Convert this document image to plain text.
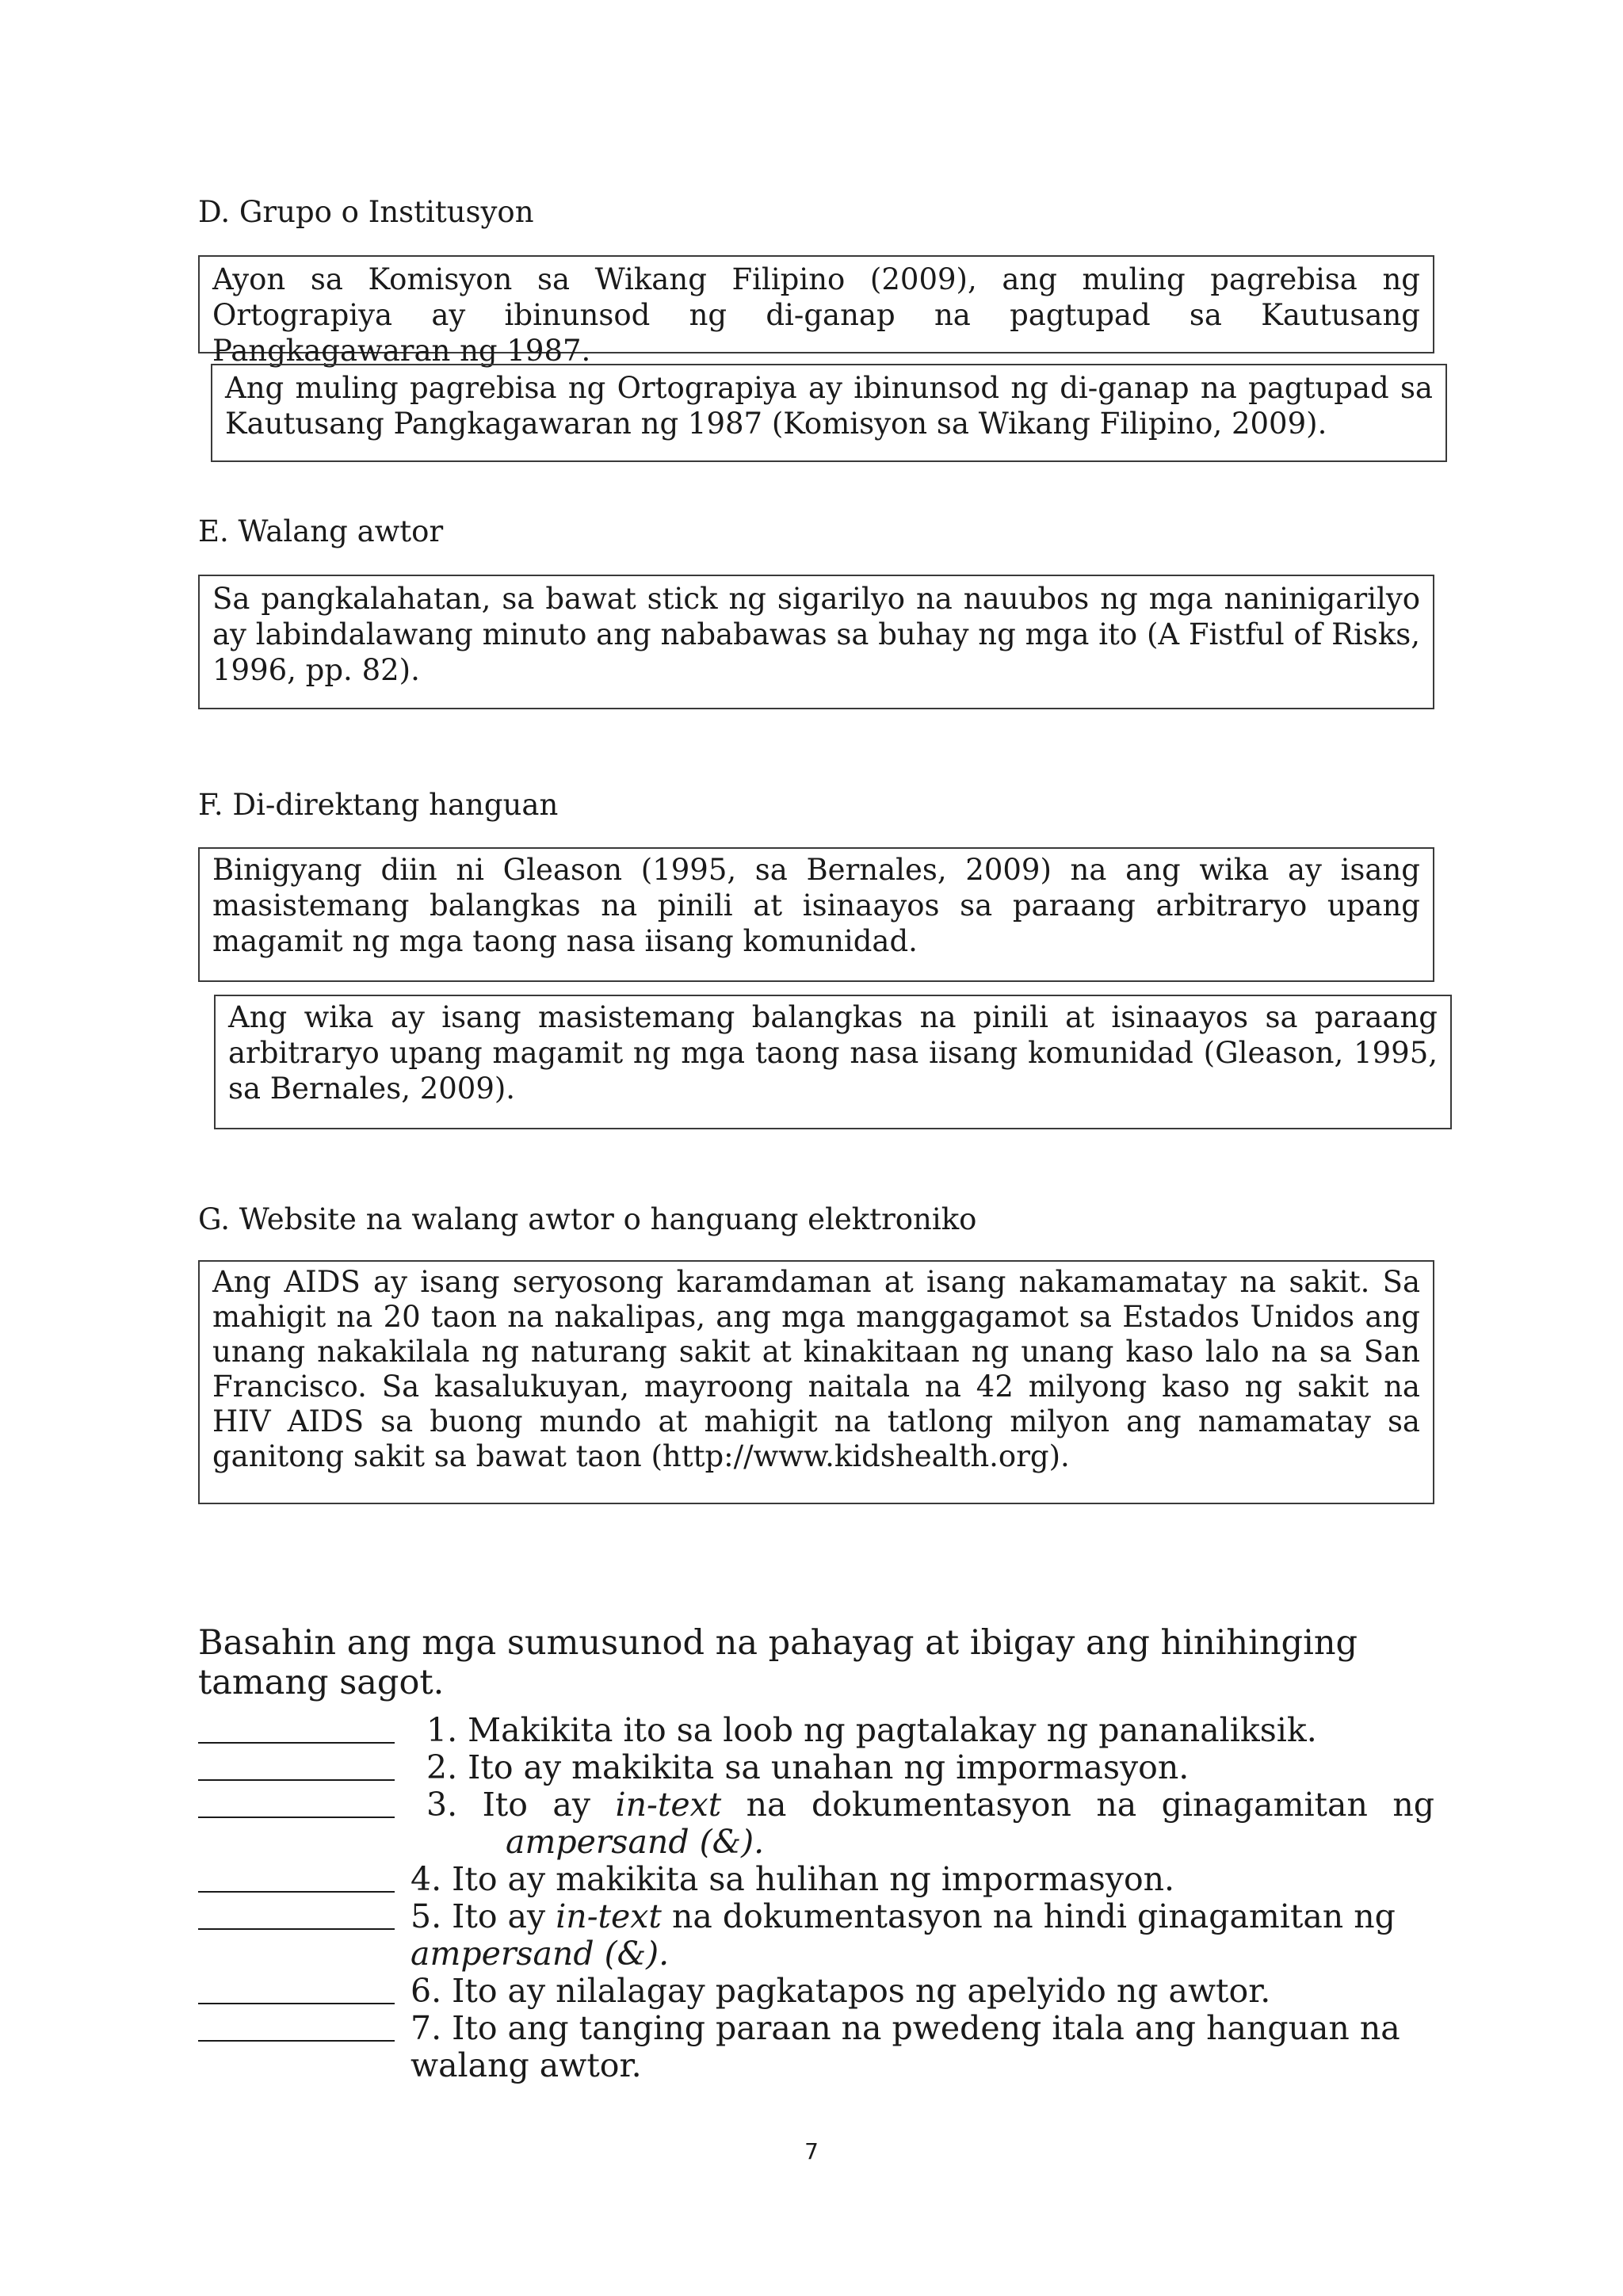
D. Grupo o Institusyon

Ayon sa Komisyon sa Wikang Filipino (2009), ang muling pagrebisa ng Ortograpiya ay ibinunsod ng di-ganap na pagtupad sa Kautusang Pangkagawaran ng 1987.

Ang muling pagrebisa ng Ortograpiya ay ibinunsod ng di-ganap na pagtupad sa Kautusang Pangkagawaran ng 1987 (Komisyon sa Wikang Filipino, 2009).

E. Walang awtor

Sa pangkalahatan, sa bawat stick ng sigarilyo na nauubos ng mga naninigarilyo ay labindalawang minuto ang nababawas sa buhay ng mga ito (A Fistful of Risks, 1996, pp. 82).

F. Di-direktang hanguan

Binigyang diin ni Gleason (1995, sa Bernales, 2009) na ang wika ay isang masistemang balangkas na pinili at isinaayos sa paraang arbitraryo upang magamit ng mga taong nasa iisang komunidad.

Ang wika ay isang masistemang balangkas na pinili at isinaayos sa paraang arbitraryo upang magamit ng mga taong nasa iisang komunidad (Gleason, 1995, sa Bernales, 2009).

G. Website na walang awtor o hanguang elektroniko

Ang AIDS ay isang seryosong karamdaman at isang nakamamatay na sakit. Sa mahigit na 20 taon na nakalipas, ang mga manggagamot sa Estados Unidos ang unang nakakilala ng naturang sakit at kinakitaan ng unang kaso lalo na sa San Francisco. Sa kasalukuyan, mayroong naitala na 42 milyong kaso ng sakit na HIV AIDS sa buong mundo at mahigit na tatlong milyon ang namamatay sa ganitong sakit sa bawat taon (http://www.kidshealth.org).

Basahin ang mga sumusunod na pahayag at ibigay ang hinihinging tamang sagot.

1. Makikita ito sa loob ng pagtalakay ng pananaliksik.
2. Ito ay makikita sa unahan ng impormasyon.
3. Ito ay in-text na dokumentasyon na ginagamitan ng
ampersand (&).
4. Ito ay makikita sa hulihan ng impormasyon.
5. Ito ay in-text na dokumentasyon na hindi ginagamitan ng
ampersand (&).
6. Ito ay nilalagay pagkatapos ng apelyido ng awtor.
7. Ito ang tanging paraan na pwedeng itala ang hanguan na
walang awtor.
7
